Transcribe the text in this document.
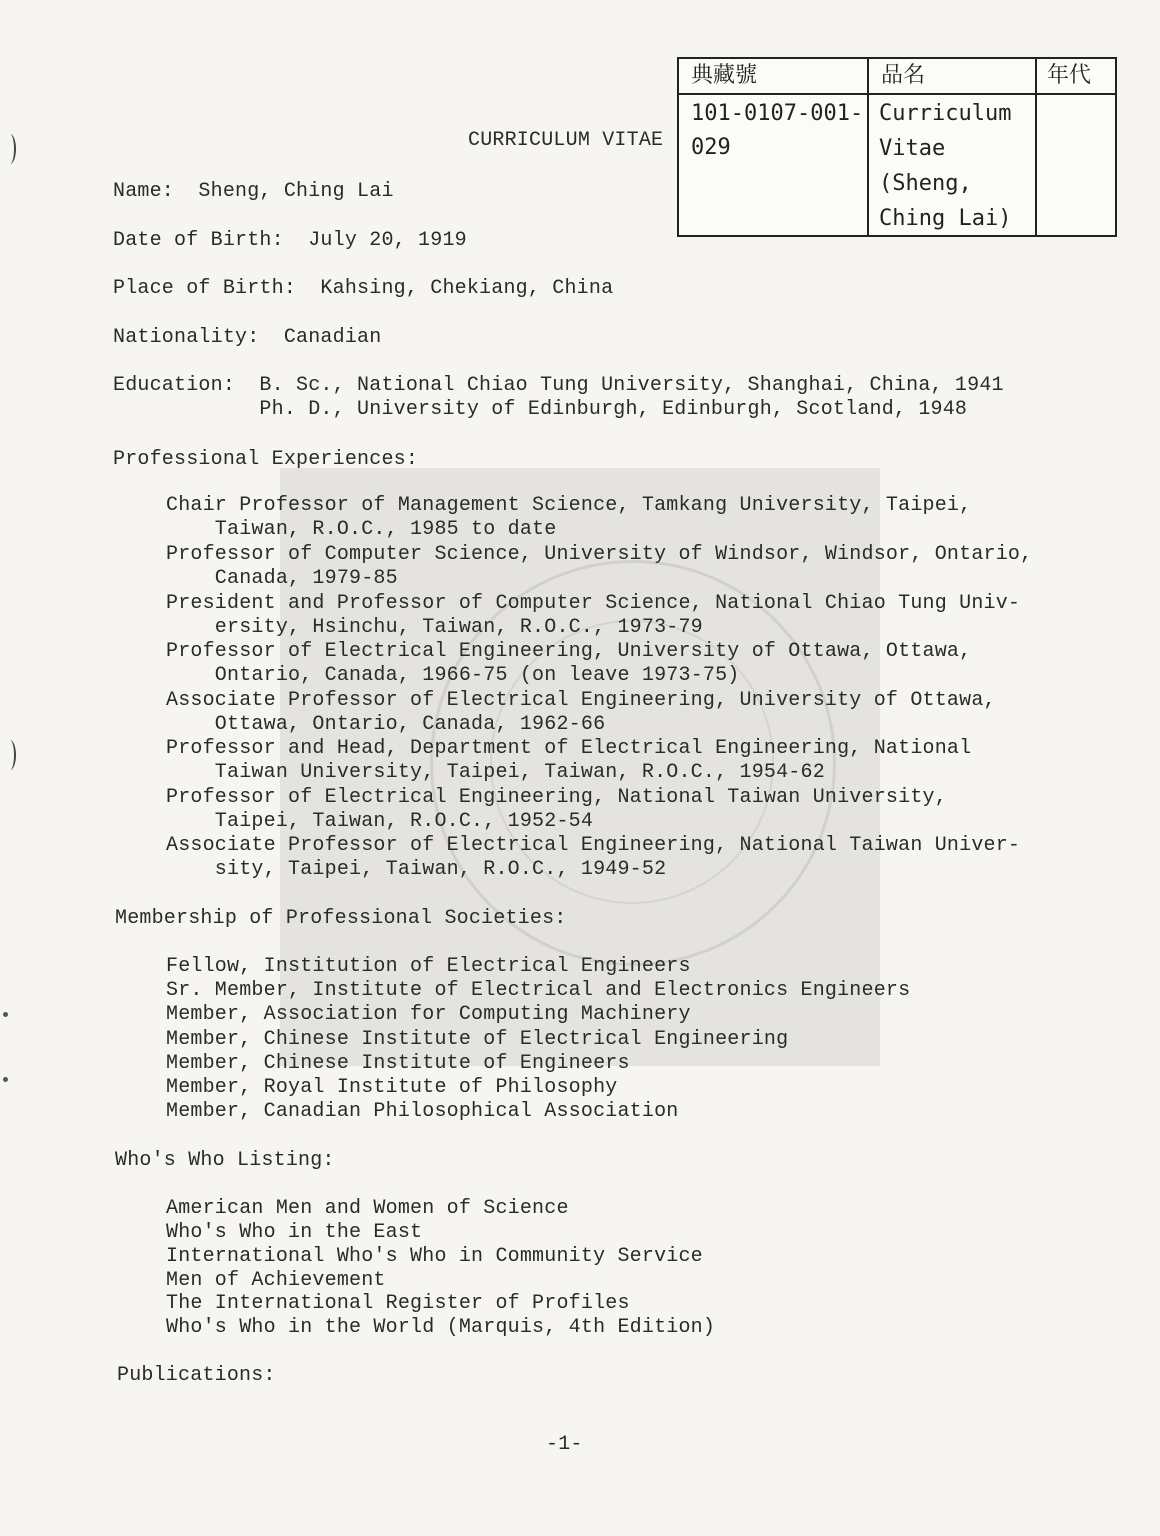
典藏號	品名	年代
101-0107-001-
029
Curriculum
Vitae
(Sheng,
Ching Lai)
CURRICULUM VITAE
Name:  Sheng, Ching Lai
Date of Birth:  July 20, 1919
Place of Birth:  Kahsing, Chekiang, China
Nationality:  Canadian
Education:  B. Sc., National Chiao Tung University, Shanghai, China, 1941
Ph. D., University of Edinburgh, Edinburgh, Scotland, 1948
Professional Experiences:
Chair Professor of Management Science, Tamkang University, Taipei,
Taiwan, R.O.C., 1985 to date
Professor of Computer Science, University of Windsor, Windsor, Ontario,
Canada, 1979-85
President and Professor of Computer Science, National Chiao Tung Univ-
ersity, Hsinchu, Taiwan, R.O.C., 1973-79
Professor of Electrical Engineering, University of Ottawa, Ottawa,
Ontario, Canada, 1966-75 (on leave 1973-75)
Associate Professor of Electrical Engineering, University of Ottawa,
Ottawa, Ontario, Canada, 1962-66
Professor and Head, Department of Electrical Engineering, National
Taiwan University, Taipei, Taiwan, R.O.C., 1954-62
Professor of Electrical Engineering, National Taiwan University,
Taipei, Taiwan, R.O.C., 1952-54
Associate Professor of Electrical Engineering, National Taiwan Univer-
sity, Taipei, Taiwan, R.O.C., 1949-52
Membership of Professional Societies:
Fellow, Institution of Electrical Engineers
Sr. Member, Institute of Electrical and Electronics Engineers
Member, Association for Computing Machinery
Member, Chinese Institute of Electrical Engineering
Member, Chinese Institute of Engineers
Member, Royal Institute of Philosophy
Member, Canadian Philosophical Association
Who's Who Listing:
American Men and Women of Science
Who's Who in the East
International Who's Who in Community Service
Men of Achievement
The International Register of Profiles
Who's Who in the World (Marquis, 4th Edition)
Publications:
-1-
